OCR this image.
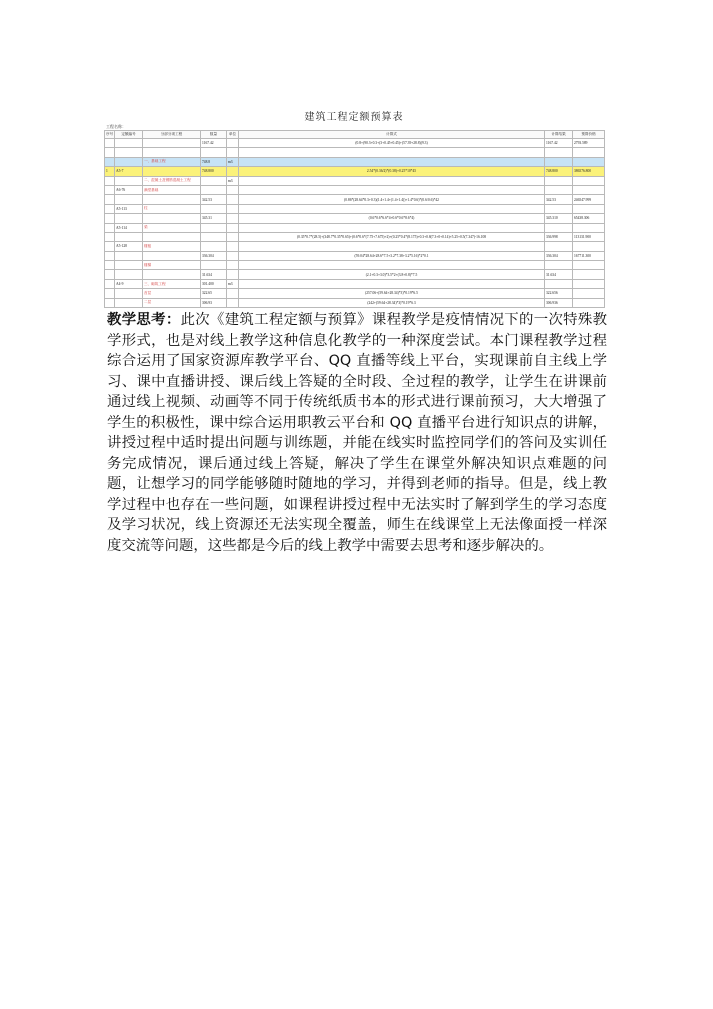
建筑工程定额预算表
工程名称：
序号	定额编号	分部分项工程	数量	单位	计算式	计算结果	预算价格
			1167.42		(0.8+(90.3+0.3+(3+0.45+0.45)+(57.39+28.8)(9.3)	1167.42	2793.589

		一、基础工程	748.8	m3			
1	A5-7		748.800		2.54*(0.36/2)*(0.38)+0.25*10*45	748.800	386576.800
		二、混凝土及钢筋混凝土工程		m3			
	A6-76	满堂基础					
			342.53		(0.86*(28.64*0.3+0.3)(1.4+1.4+(1.4+1.4))+1.4*0.6)*(0.6/0.6)*42	342.53	246547.999
	A5-113	柱					
			345.31		(0.6*0.6*6.6*4+0.6*0.6*8.6*4)	345.310	65438.306
	A5-114	梁					
					(0.35*0.7*(28.5)+(348.7*0.35*0.65)+(0.6*0.6*(7.75+7.675)+2)+(0.25*0.4*(8.175)+0.3+0.8(7.3+0+0.14)+5.25+0.5(7.347)-16.108	336.998	113131.900
	A5-128	楼板					
			336.304		(59.04*28.64+28.6*7.5+3.2*7.38+3.2*5.16)*2*0.1	336.304	167711.300
		楼梯					
			31.634		(2.1+0.3+3.0)*3.5*2+(3.8+0.8)*7.5	31.634	
	A4-9	三、砌筑工程	301.400	m3			
		首层	322.65		(257.06+(59.64+28.34)*3)*0.19*6.5	322.656	
		二层	306.93		(242+(59.64+28.34)*3)*0.19*6.3	306.936	

教学思考：此次《建筑工程定额与预算》课程教学是疫情情况下的一次特殊教学形式，也是对线上教学这种信息化教学的一种深度尝试。本门课程教学过程综合运用了国家资源库教学平台、QQ 直播等线上平台，实现课前自主线上学习、课中直播讲授、课后线上答疑的全时段、全过程的教学，让学生在讲课前通过线上视频、动画等不同于传统纸质书本的形式进行课前预习，大大增强了学生的积极性，课中综合运用职教云平台和 QQ 直播平台进行知识点的讲解，讲授过程中适时提出问题与训练题，并能在线实时监控同学们的答问及实训任务完成情况，课后通过线上答疑，解决了学生在课堂外解决知识点难题的问题，让想学习的同学能够随时随地的学习，并得到老师的指导。但是，线上教学过程中也存在一些问题，如课程讲授过程中无法实时了解到学生的学习态度及学习状况，线上资源还无法实现全覆盖，师生在线课堂上无法像面授一样深度交流等问题，这些都是今后的线上教学中需要去思考和逐步解决的。
